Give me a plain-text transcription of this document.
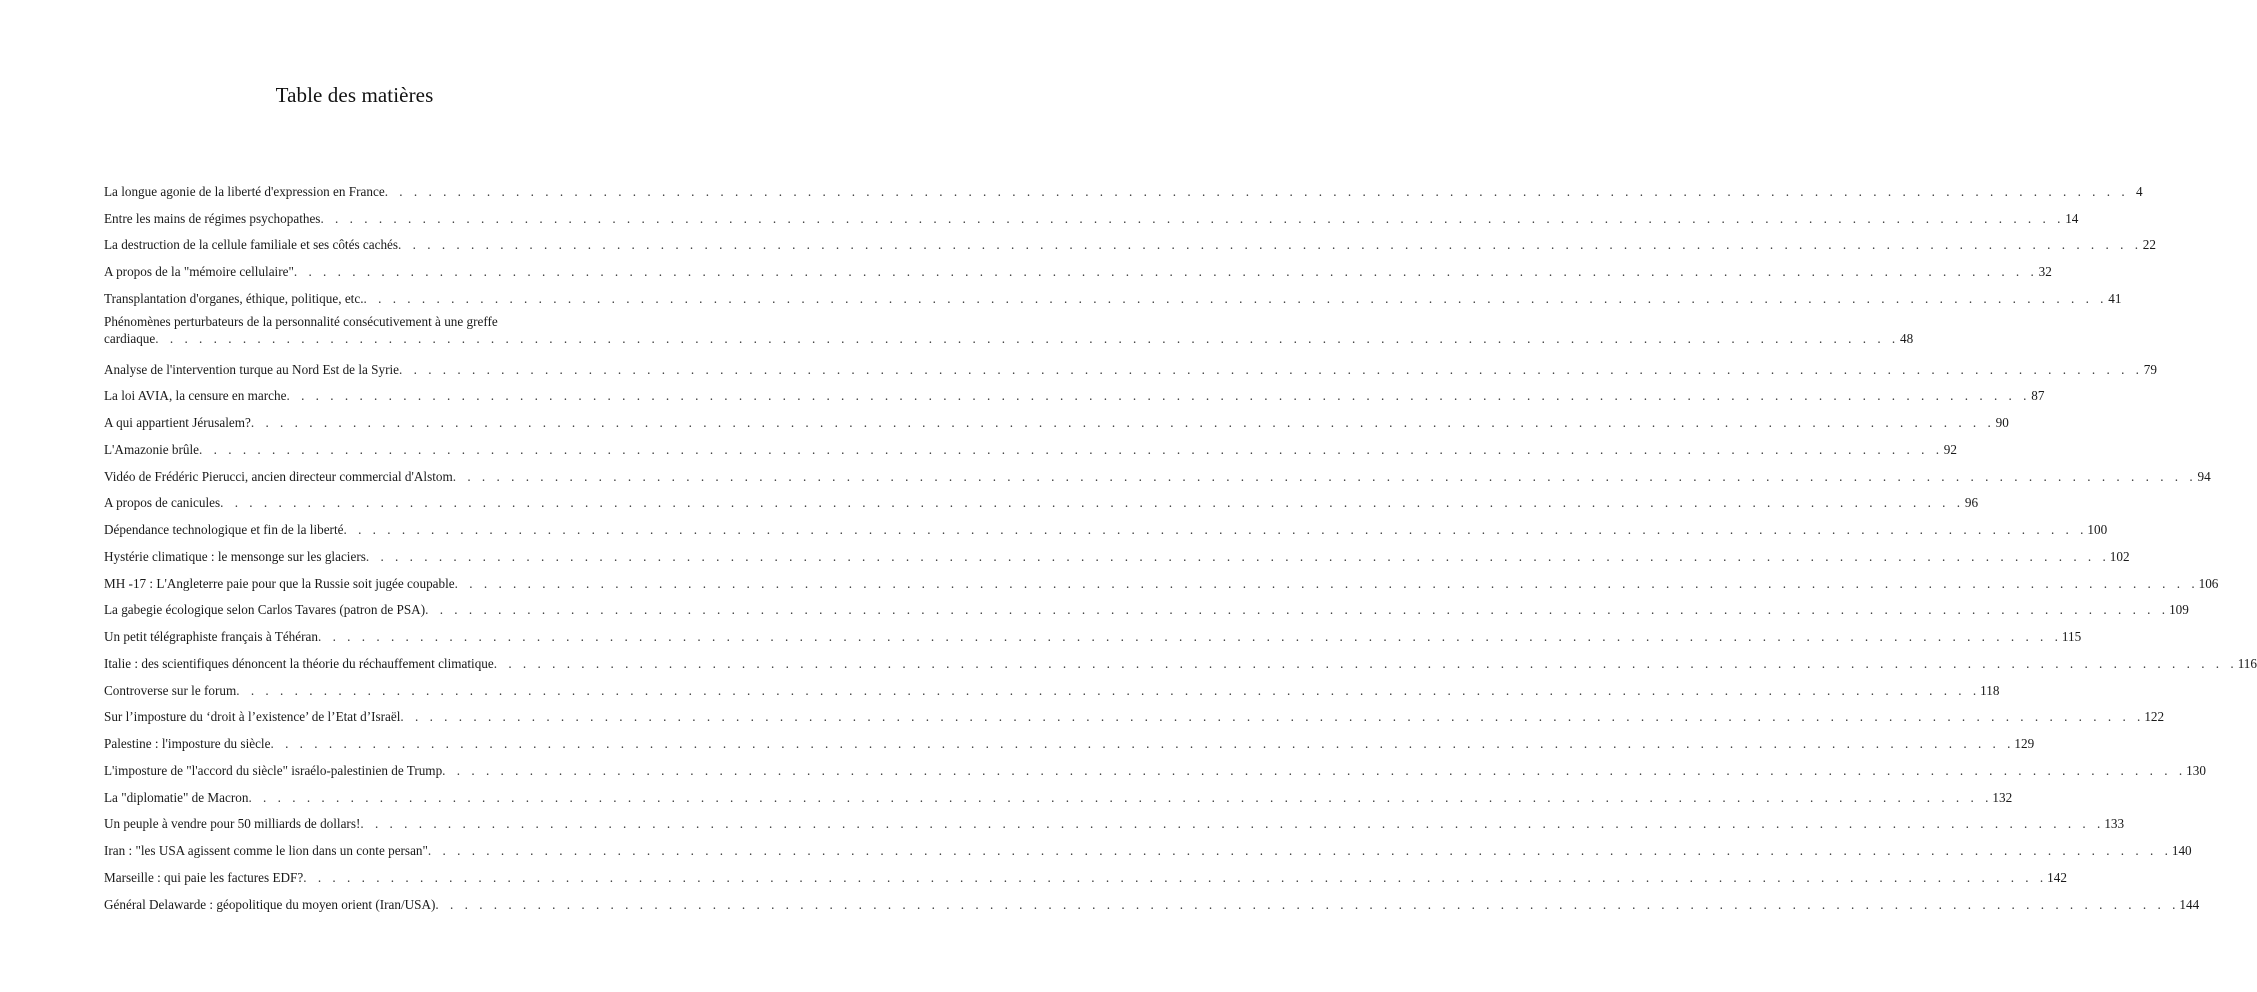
Table des matières
La longue agonie de la liberté d'expression en France . . . . . . . . . . . . . . . . . . . . . . . . . . . . . . . . . . . . . . . . . . . . . . . . . . . . . . . . . . . . . . . . . . . . . . . . . . . . . . . . . . . . . . . . . . . . . . . . . . . . . . . . . . . . . . . . . . . . . . . . 4
Entre les mains de régimes psychopathes . . . . . . . . . . . . . . . . . . . . . . . . . . . . . . . . . . . . . . . . . . . . . . . . . . . . . . . . . . . . . . . . . . . . . . . . . . . . . . . . . . . . . . . . . . . . . . . . . . . . . . . . . . . . . . . . . . . . . . . . 14
La destruction de la cellule familiale et ses côtés cachés . . . . . . . . . . . . . . . . . . . . . . . . . . . . . . . . . . . . . . . . . . . . . . . . . . . . . . . . . . . . . . . . . . . . . . . . . . . . . . . . . . . . . . . . . . . . . . . . . . . . . . . . . . . . . . . . . . . . . . . . 22
A propos de la "mémoire cellulaire" . . . . . . . . . . . . . . . . . . . . . . . . . . . . . . . . . . . . . . . . . . . . . . . . . . . . . . . . . . . . . . . . . . . . . . . . . . . . . . . . . . . . . . . . . . . . . . . . . . . . . . . . . . . . . . . . . . . . . . . . 32
Transplantation d'organes, éthique, politique, etc. . . . . . . . . . . . . . . . . . . . . . . . . . . . . . . . . . . . . . . . . . . . . . . . . . . . . . . . . . . . . . . . . . . . . . . . . . . . . . . . . . . . . . . . . . . . . . . . . . . . . . . . . . . . . . . . . . . . . . . . . 41
Phénomènes perturbateurs de la personnalité consécutivement à une greffe
cardiaque . . . . . . . . . . . . . . . . . . . . . . . . . . . . . . . . . . . . . . . . . . . . . . . . . . . . . . . . . . . . . . . . . . . . . . . . . . . . . . . . . . . . . . . . . . . . . . . . . . . . . . . . . . . . . . . . . . . . . . . . 48
Analyse de l'intervention turque au Nord Est de la Syrie . . . . . . . . . . . . . . . . . . . . . . . . . . . . . . . . . . . . . . . . . . . . . . . . . . . . . . . . . . . . . . . . . . . . . . . . . . . . . . . . . . . . . . . . . . . . . . . . . . . . . . . . . . . . . . . . . . . . . . . . 79
La loi AVIA, la censure en marche . . . . . . . . . . . . . . . . . . . . . . . . . . . . . . . . . . . . . . . . . . . . . . . . . . . . . . . . . . . . . . . . . . . . . . . . . . . . . . . . . . . . . . . . . . . . . . . . . . . . . . . . . . . . . . . . . . . . . . . . 87
A qui appartient Jérusalem? . . . . . . . . . . . . . . . . . . . . . . . . . . . . . . . . . . . . . . . . . . . . . . . . . . . . . . . . . . . . . . . . . . . . . . . . . . . . . . . . . . . . . . . . . . . . . . . . . . . . . . . . . . . . . . . . . . . . . . . . 90
L'Amazonie brûle . . . . . . . . . . . . . . . . . . . . . . . . . . . . . . . . . . . . . . . . . . . . . . . . . . . . . . . . . . . . . . . . . . . . . . . . . . . . . . . . . . . . . . . . . . . . . . . . . . . . . . . . . . . . . . . . . . . . . . . . 92
Vidéo de Frédéric Pierucci, ancien directeur commercial d'Alstom . . . . . . . . . . . . . . . . . . . . . . . . . . . . . . . . . . . . . . . . . . . . . . . . . . . . . . . . . . . . . . . . . . . . . . . . . . . . . . . . . . . . . . . . . . . . . . . . . . . . . . . . . . . . . . . . . . . . . . . . 94
A propos de canicules . . . . . . . . . . . . . . . . . . . . . . . . . . . . . . . . . . . . . . . . . . . . . . . . . . . . . . . . . . . . . . . . . . . . . . . . . . . . . . . . . . . . . . . . . . . . . . . . . . . . . . . . . . . . . . . . . . . . . . . . 96
Dépendance technologique et fin de la liberté . . . . . . . . . . . . . . . . . . . . . . . . . . . . . . . . . . . . . . . . . . . . . . . . . . . . . . . . . . . . . . . . . . . . . . . . . . . . . . . . . . . . . . . . . . . . . . . . . . . . . . . . . . . . . . . . . . . . . . . . 100
Hystérie climatique : le mensonge sur les glaciers . . . . . . . . . . . . . . . . . . . . . . . . . . . . . . . . . . . . . . . . . . . . . . . . . . . . . . . . . . . . . . . . . . . . . . . . . . . . . . . . . . . . . . . . . . . . . . . . . . . . . . . . . . . . . . . . . . . . . . . . 102
MH -17 : L'Angleterre paie pour que la Russie soit jugée coupable . . . . . . . . . . . . . . . . . . . . . . . . . . . . . . . . . . . . . . . . . . . . . . . . . . . . . . . . . . . . . . . . . . . . . . . . . . . . . . . . . . . . . . . . . . . . . . . . . . . . . . . . . . . . . . . . . . . . . . . . 106
La gabegie écologique selon Carlos Tavares (patron de PSA) . . . . . . . . . . . . . . . . . . . . . . . . . . . . . . . . . . . . . . . . . . . . . . . . . . . . . . . . . . . . . . . . . . . . . . . . . . . . . . . . . . . . . . . . . . . . . . . . . . . . . . . . . . . . . . . . . . . . . . . . 109
Un petit télégraphiste français à Téhéran . . . . . . . . . . . . . . . . . . . . . . . . . . . . . . . . . . . . . . . . . . . . . . . . . . . . . . . . . . . . . . . . . . . . . . . . . . . . . . . . . . . . . . . . . . . . . . . . . . . . . . . . . . . . . . . . . . . . . . . . 115
Italie : des scientifiques dénoncent la théorie du réchauffement climatique . . . . . . . . . . . . . . . . . . . . . . . . . . . . . . . . . . . . . . . . . . . . . . . . . . . . . . . . . . . . . . . . . . . . . . . . . . . . . . . . . . . . . . . . . . . . . . . . . . . . . . . . . . . . . . . . . . . . . . . . 116
Controverse sur le forum . . . . . . . . . . . . . . . . . . . . . . . . . . . . . . . . . . . . . . . . . . . . . . . . . . . . . . . . . . . . . . . . . . . . . . . . . . . . . . . . . . . . . . . . . . . . . . . . . . . . . . . . . . . . . . . . . . . . . . . . 118
Sur l’imposture du ‘droit à l’existence’ de l’Etat d’Israël . . . . . . . . . . . . . . . . . . . . . . . . . . . . . . . . . . . . . . . . . . . . . . . . . . . . . . . . . . . . . . . . . . . . . . . . . . . . . . . . . . . . . . . . . . . . . . . . . . . . . . . . . . . . . . . . . . . . . . . . 122
Palestine : l'imposture du siècle . . . . . . . . . . . . . . . . . . . . . . . . . . . . . . . . . . . . . . . . . . . . . . . . . . . . . . . . . . . . . . . . . . . . . . . . . . . . . . . . . . . . . . . . . . . . . . . . . . . . . . . . . . . . . . . . . . . . . . . . 129
L'imposture de "l'accord du siècle" israélo-palestinien de Trump . . . . . . . . . . . . . . . . . . . . . . . . . . . . . . . . . . . . . . . . . . . . . . . . . . . . . . . . . . . . . . . . . . . . . . . . . . . . . . . . . . . . . . . . . . . . . . . . . . . . . . . . . . . . . . . . . . . . . . . . 130
La "diplomatie" de Macron . . . . . . . . . . . . . . . . . . . . . . . . . . . . . . . . . . . . . . . . . . . . . . . . . . . . . . . . . . . . . . . . . . . . . . . . . . . . . . . . . . . . . . . . . . . . . . . . . . . . . . . . . . . . . . . . . . . . . . . . 132
Un peuple à vendre pour 50 milliards de dollars! . . . . . . . . . . . . . . . . . . . . . . . . . . . . . . . . . . . . . . . . . . . . . . . . . . . . . . . . . . . . . . . . . . . . . . . . . . . . . . . . . . . . . . . . . . . . . . . . . . . . . . . . . . . . . . . . . . . . . . . . 133
Iran : "les USA agissent comme le lion dans un conte persan" . . . . . . . . . . . . . . . . . . . . . . . . . . . . . . . . . . . . . . . . . . . . . . . . . . . . . . . . . . . . . . . . . . . . . . . . . . . . . . . . . . . . . . . . . . . . . . . . . . . . . . . . . . . . . . . . . . . . . . . . 140
Marseille : qui paie les factures EDF? . . . . . . . . . . . . . . . . . . . . . . . . . . . . . . . . . . . . . . . . . . . . . . . . . . . . . . . . . . . . . . . . . . . . . . . . . . . . . . . . . . . . . . . . . . . . . . . . . . . . . . . . . . . . . . . . . . . . . . . . 142
Général Delawarde : géopolitique du moyen orient (Iran/USA) . . . . . . . . . . . . . . . . . . . . . . . . . . . . . . . . . . . . . . . . . . . . . . . . . . . . . . . . . . . . . . . . . . . . . . . . . . . . . . . . . . . . . . . . . . . . . . . . . . . . . . . . . . . . . . . . . . . . . . . . 144
